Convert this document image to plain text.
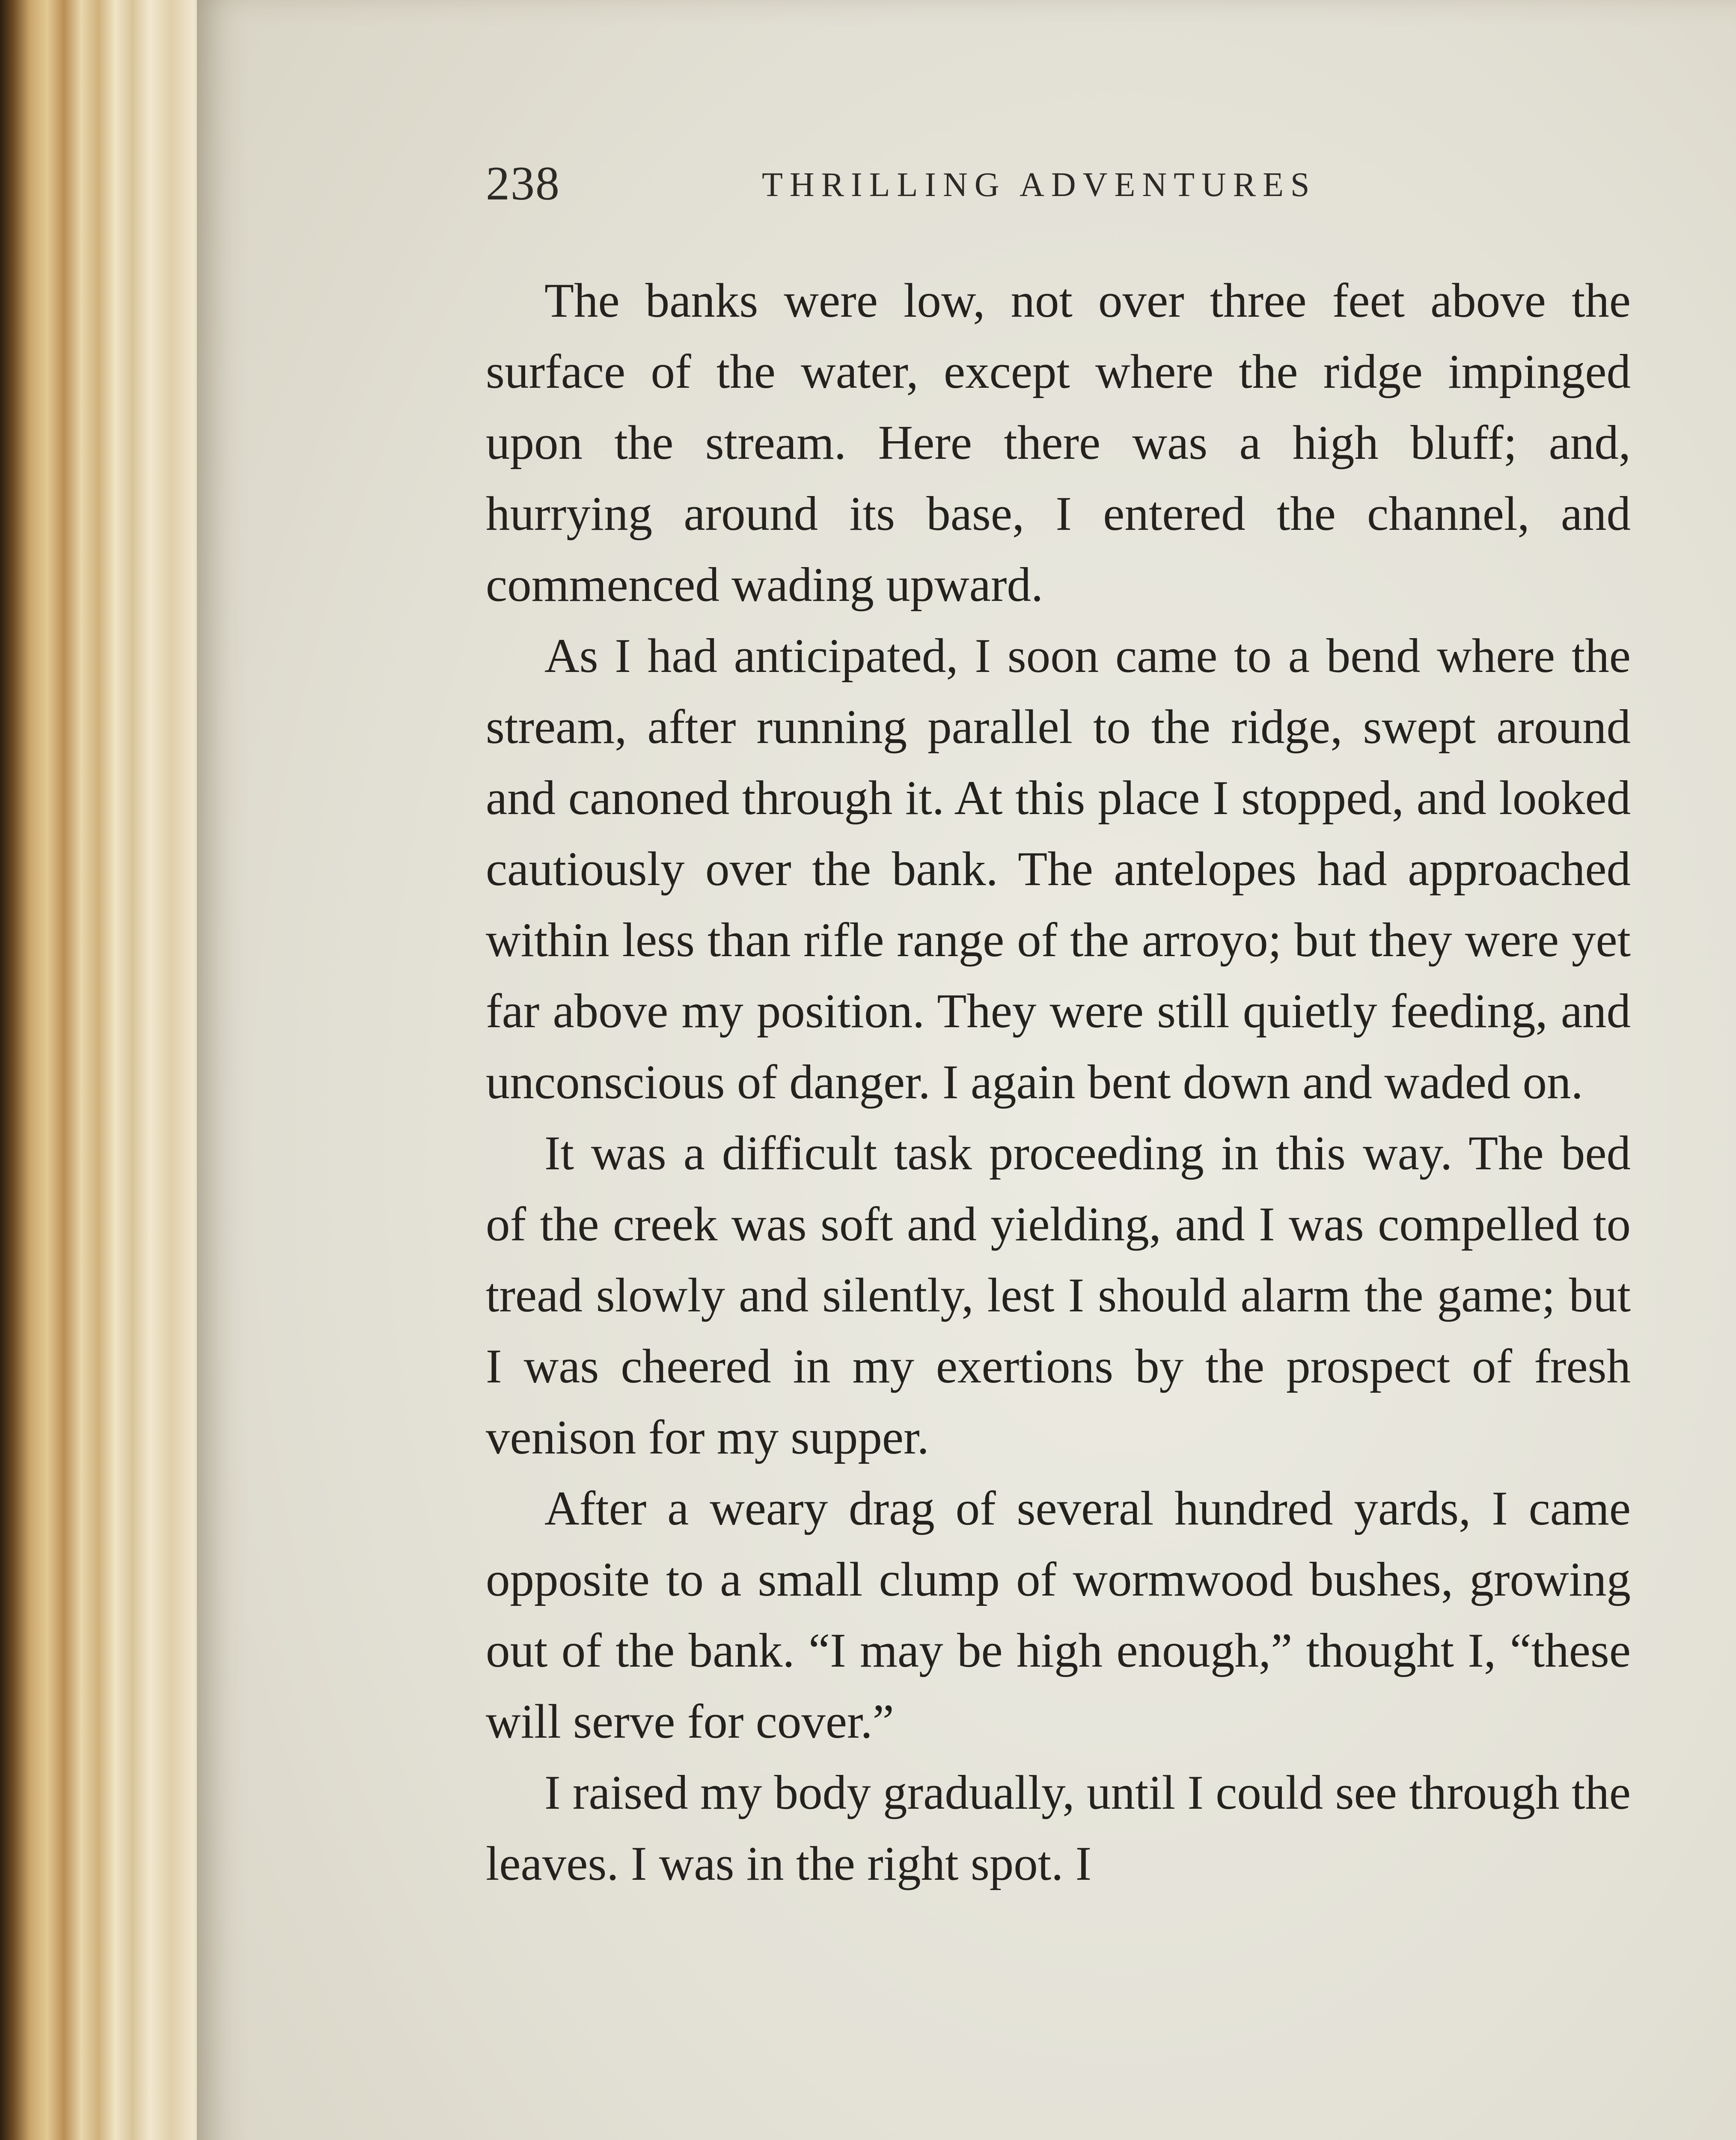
238	THRILLING ADVENTURES

The banks were low, not over three feet above the surface of the water, except where the ridge impinged upon the stream. Here there was a high bluff; and, hurrying around its base, I entered the channel, and commenced wading upward.

As I had anticipated, I soon came to a bend where the stream, after running parallel to the ridge, swept around and canoned through it. At this place I stopped, and looked cautiously over the bank. The antelopes had approached within less than rifle range of the arroyo; but they were yet far above my position. They were still quietly feeding, and unconscious of danger. I again bent down and waded on.

It was a difficult task proceeding in this way. The bed of the creek was soft and yielding, and I was compelled to tread slowly and silently, lest I should alarm the game; but I was cheered in my exertions by the prospect of fresh venison for my supper.

After a weary drag of several hundred yards, I came opposite to a small clump of wormwood bushes, growing out of the bank. “I may be high enough,” thought I, “these will serve for cover.”

I raised my body gradually, until I could see through the leaves. I was in the right spot. I
